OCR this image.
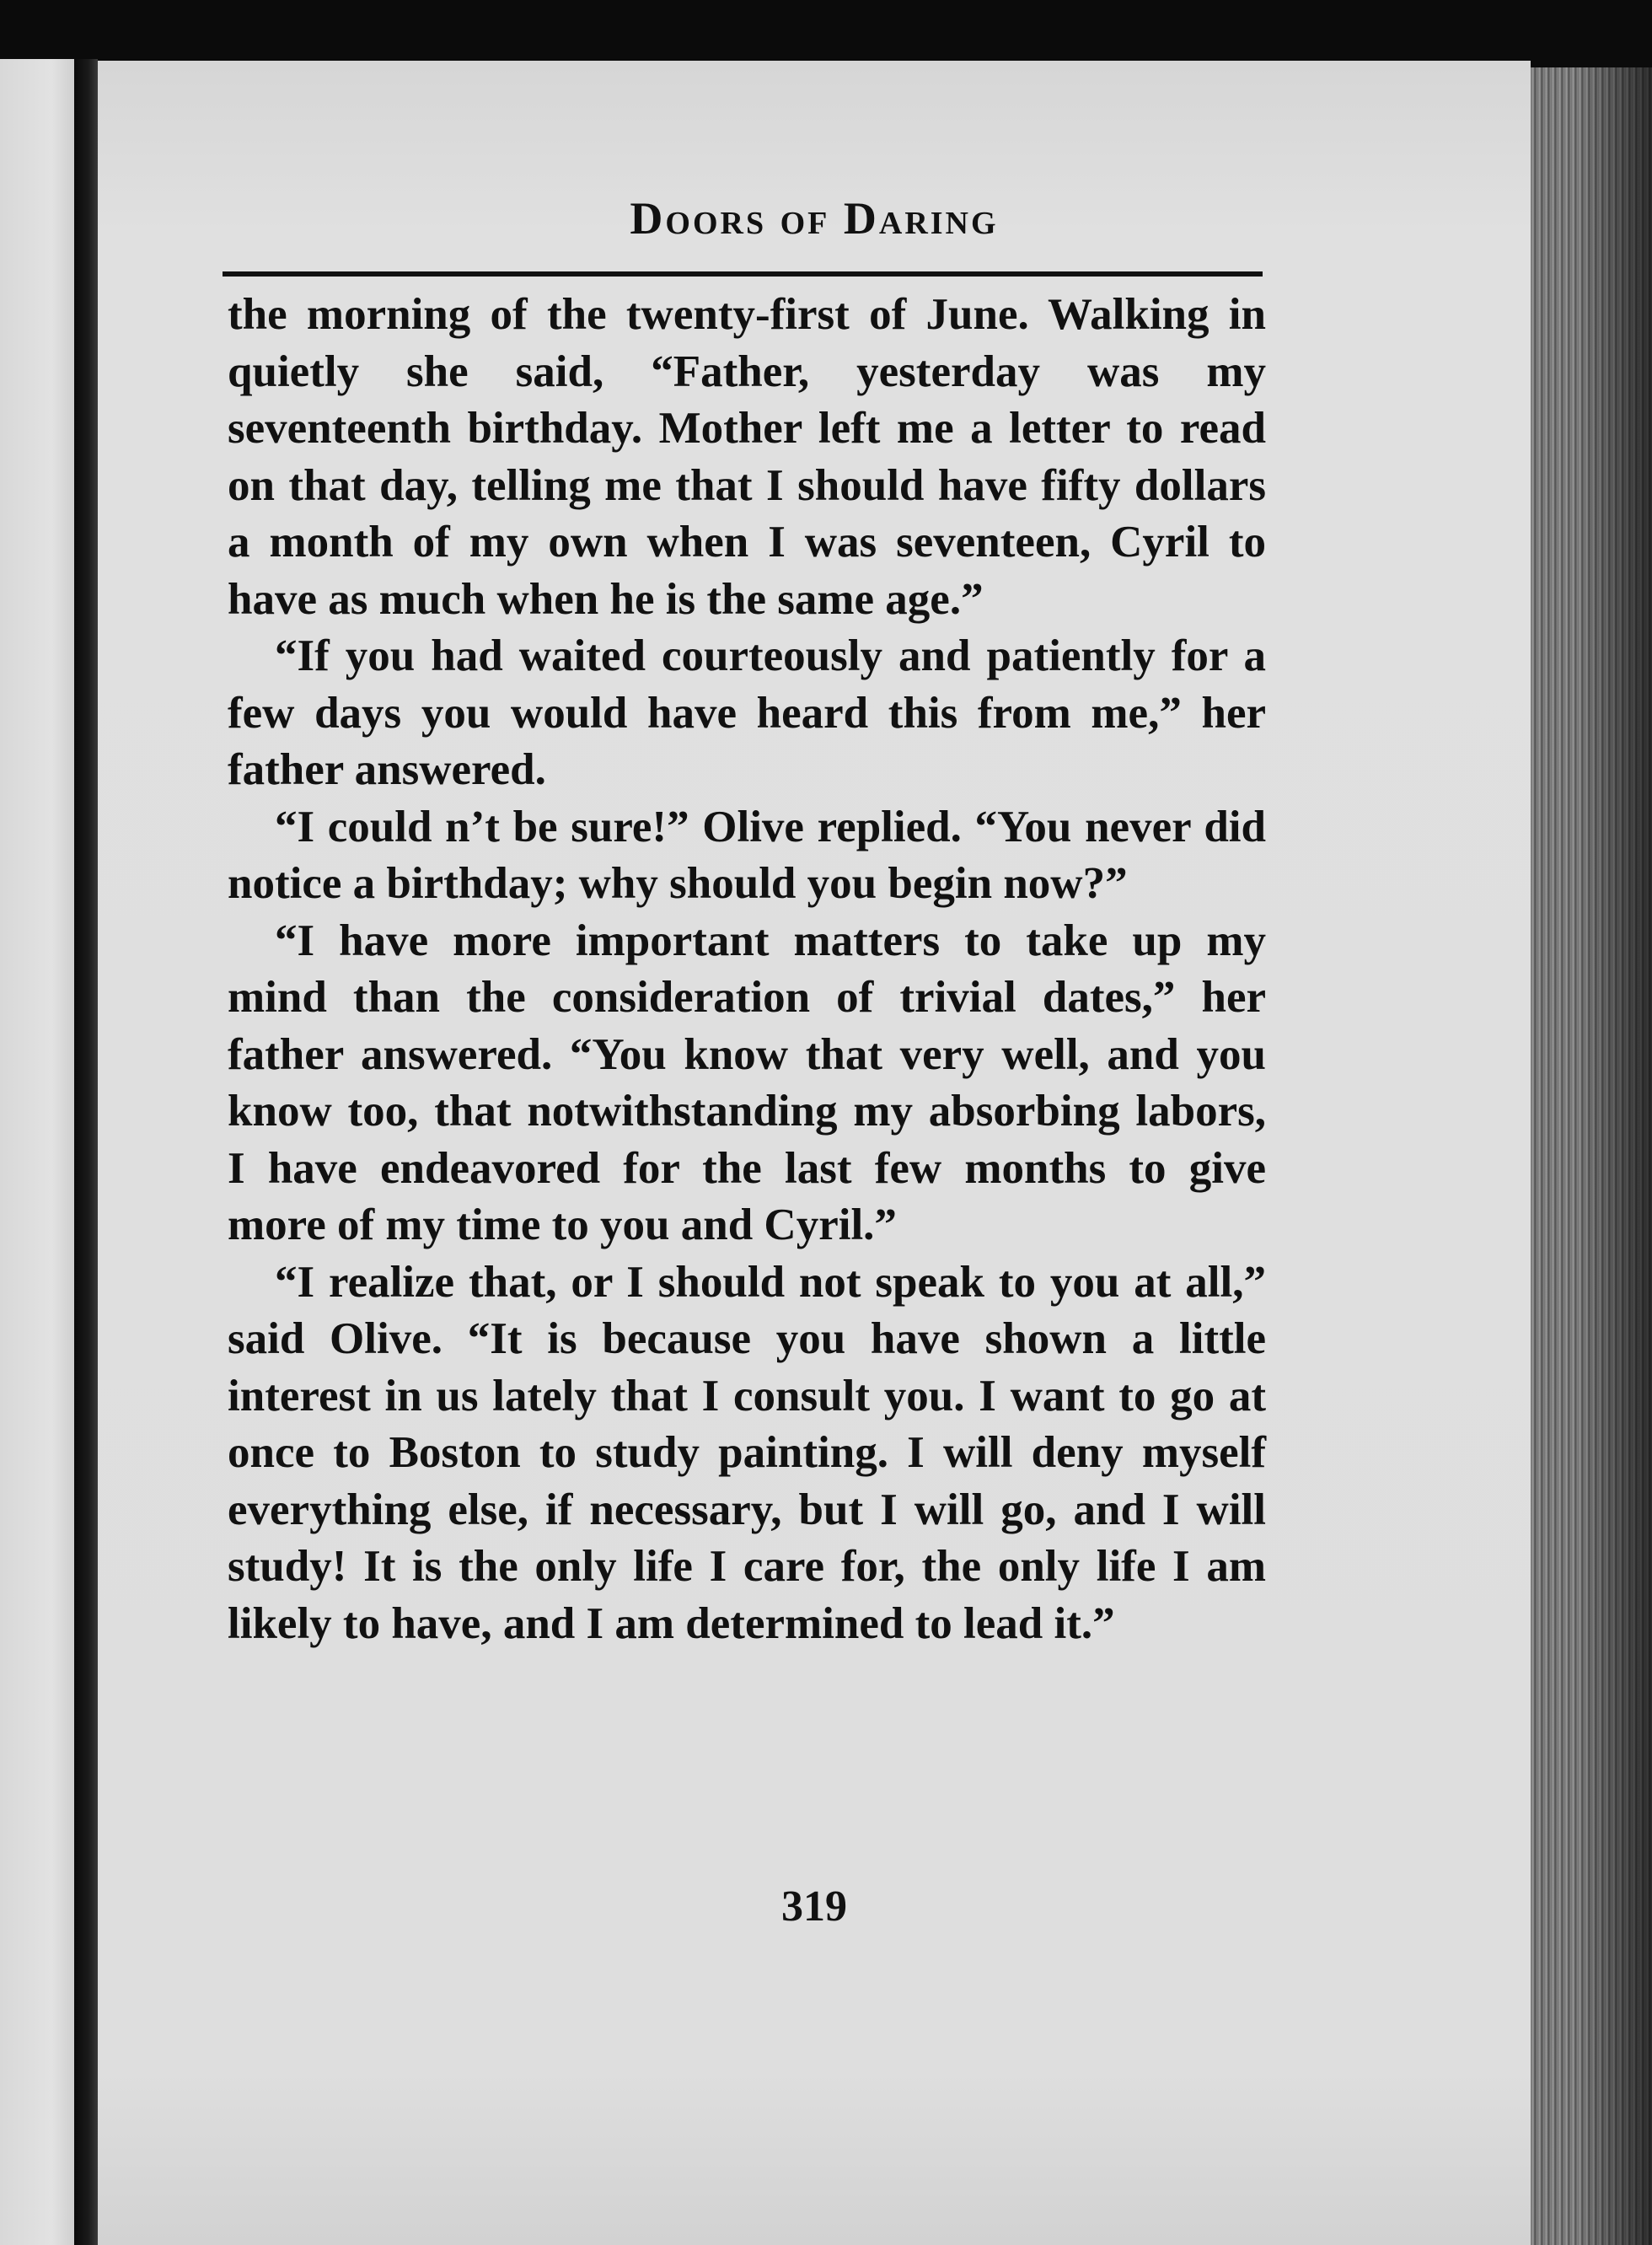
Doors of Daring

the morning of the twenty-first of June. Walking in quietly she said, “Father, yesterday was my seventeenth birthday. Mother left me a letter to read on that day, telling me that I should have fifty dollars a month of my own when I was seventeen, Cyril to have as much when he is the same age.”

“If you had waited courteously and patiently for a few days you would have heard this from me,” her father answered.

“I could n’t be sure!” Olive replied. “You never did notice a birthday; why should you begin now?”

“I have more important matters to take up my mind than the consideration of trivial dates,” her father answered. “You know that very well, and you know too, that notwithstanding my absorbing labors, I have endeavored for the last few months to give more of my time to you and Cyril.”

“I realize that, or I should not speak to you at all,” said Olive. “It is because you have shown a little interest in us lately that I consult you. I want to go at once to Boston to study painting. I will deny myself everything else, if necessary, but I will go, and I will study! It is the only life I care for, the only life I am likely to have, and I am determined to lead it.”

319
